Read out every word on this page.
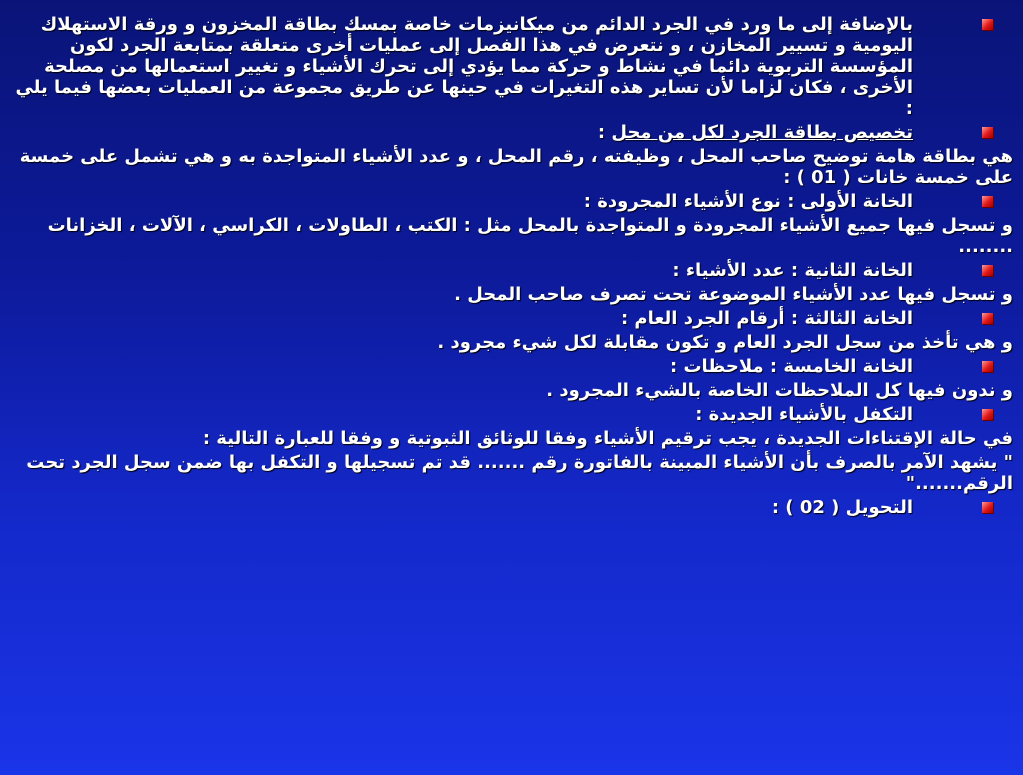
بالإضافة إلى ما ورد في الجرد الدائم من ميكانيزمات خاصة بمسك بطاقة المخزون و ورقة الاستهلاك اليومية و تسيير المخازن ، و نتعرض في هذا الفصل إلى عمليات أخرى متعلقة بمتابعة الجرد لكون المؤسسة التربوية دائما في نشاط و حركة مما يؤدي إلى تحرك الأشياء و تغيير استعمالها من مصلحة الأخرى ، فكان لزاما لأن تساير هذه التغيرات في حينها عن طريق مجموعة من العمليات بعضها فيما يلي :
تخصيص بطاقة الجرد لكل من محل :
هي بطاقة هامة توضيح صاحب المحل ، وظيفته ، رقم المحل ، و عدد الأشياء المتواجدة به و هي تشمل على خمسة على خمسة خانات ( 01 ) :
الخانة الأولى : نوع الأشياء المجرودة :
و تسجل فيها جميع الأشياء المجرودة و المتواجدة بالمحل مثل : الكتب ، الطاولات ، الكراسي ، الآلات ، الخزانات ........
الخانة الثانية : عدد الأشياء :
و تسجل فيها عدد الأشياء الموضوعة تحت تصرف صاحب المحل .
الخانة الثالثة : أرقام الجرد العام :
و هي تأخذ من سجل الجرد العام و تكون مقابلة لكل شيء مجرود .
الخانة الخامسة : ملاحظات :
و ندون فيها كل الملاحظات الخاصة بالشيء المجرود .
التكفل بالأشياء الجديدة :
في حالة الإقتناءات الجديدة ، يجب ترقيم الأشياء وفقا للوثائق الثبوتية و وفقا للعبارة التالية :
" يشهد الآمر بالصرف بأن الأشياء المبينة بالفاتورة رقم ....... قد تم تسجيلها و التكفل بها ضمن سجل الجرد تحت الرقم......."
التحويل ( 02 ) :
